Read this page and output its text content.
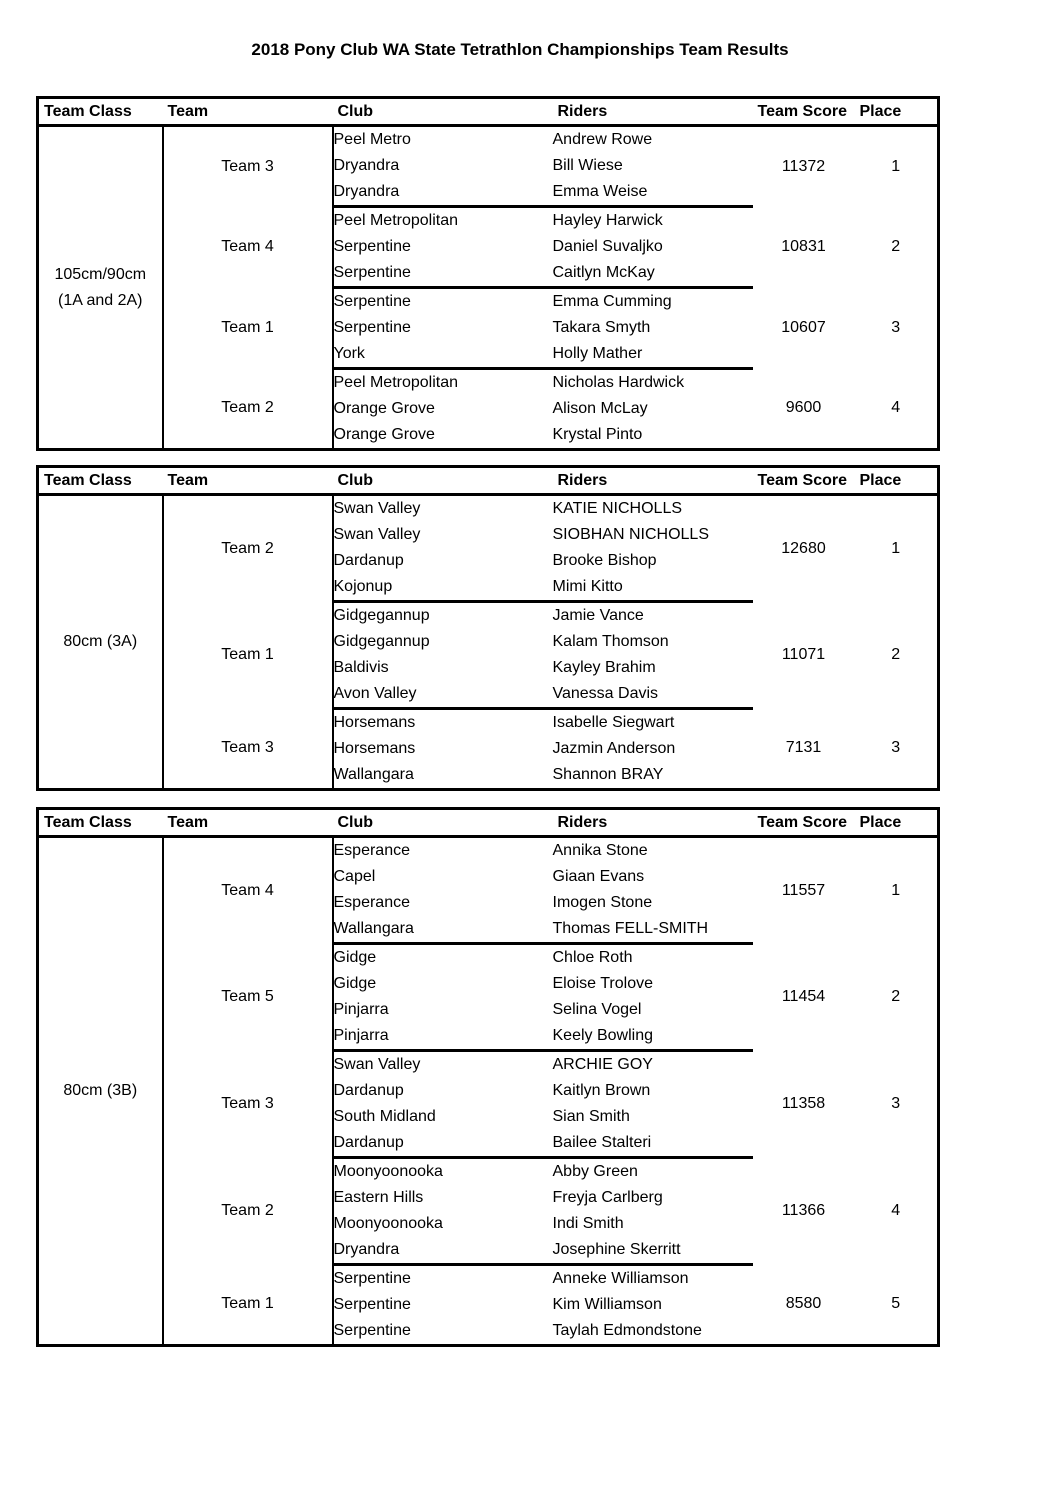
2018 Pony Club WA State Tetrathlon Championships Team Results
Team Class	Team	Club	Riders	Team Score	Place

105cm/90cm
(1A and 2A)	Team 3	Peel Metro	Andrew Rowe	11372	1
		Dryandra	Bill Wiese		
		Dryandra	Emma Weise		
	Team 4	Peel Metropolitan	Hayley Harwick	10831	2
		Serpentine	Daniel Suvaljko		
		Serpentine	Caitlyn McKay		
	Team 1	Serpentine	Emma Cumming	10607	3
		Serpentine	Takara Smyth		
		York	Holly Mather		
	Team 2	Peel Metropolitan	Nicholas Hardwick	9600	4
		Orange Grove	Alison McLay		
		Orange Grove	Krystal Pinto		
Team Class	Team	Club	Riders	Team Score	Place

80cm (3A)	Team 2	Swan Valley	KATIE NICHOLLS	12680	1
		Swan Valley	SIOBHAN NICHOLLS		
		Dardanup	Brooke Bishop		
		Kojonup	Mimi Kitto		
	Team 1	Gidgegannup	Jamie Vance	11071	2
		Gidgegannup	Kalam Thomson		
		Baldivis	Kayley Brahim		
		Avon Valley	Vanessa Davis		
	Team 3	Horsemans	Isabelle Siegwart	7131	3
		Horsemans	Jazmin Anderson		
		Wallangara	Shannon BRAY		
Team Class	Team	Club	Riders	Team Score	Place

80cm (3B)	Team 4	Esperance	Annika Stone	11557	1
		Capel	Giaan Evans		
		Esperance	Imogen Stone		
		Wallangara	Thomas FELL-SMITH		
	Team 5	Gidge	Chloe Roth	11454	2
		Gidge	Eloise Trolove		
		Pinjarra	Selina Vogel		
		Pinjarra	Keely Bowling		
	Team 3	Swan Valley	ARCHIE GOY	11358	3
		Dardanup	Kaitlyn Brown		
		South Midland	Sian Smith		
		Dardanup	Bailee Stalteri		
	Team 2	Moonyoonooka	Abby Green	11366	4
		Eastern Hills	Freyja Carlberg		
		Moonyoonooka	Indi Smith		
		Dryandra	Josephine Skerritt		
	Team 1	Serpentine	Anneke Williamson	8580	5
		Serpentine	Kim Williamson		
		Serpentine	Taylah Edmondstone		
